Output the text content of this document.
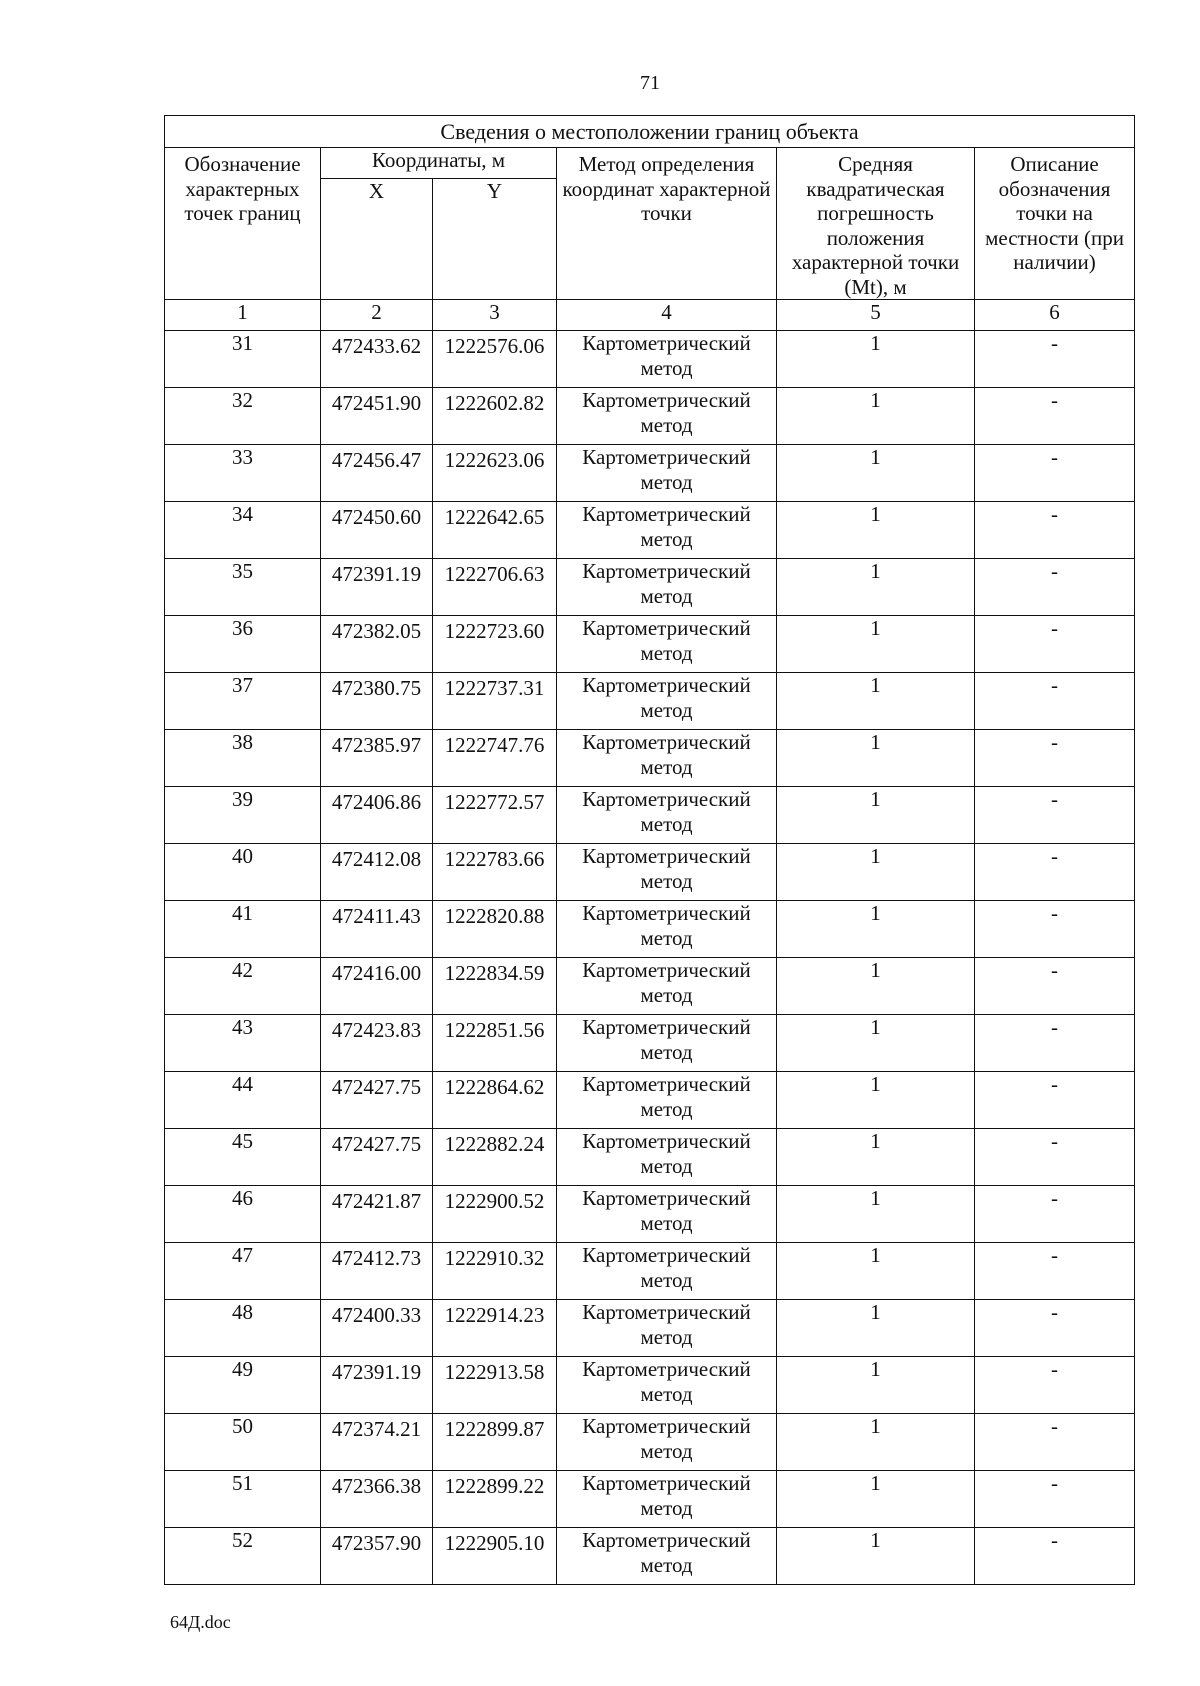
71
Сведения о местоположении границ объекта					
Обозначение характерных точек границ	Координаты, м		Метод определения координат характерной точки	Средняя квадратическая погрешность положения характерной точки (Mt), м	Описание обозначения точки на местности (при наличии)
	X	Y			
1	2	3	4	5	6
31	472433.62	1222576.06	Картометрический метод	1	-
32	472451.90	1222602.82	Картометрический метод	1	-
33	472456.47	1222623.06	Картометрический метод	1	-
34	472450.60	1222642.65	Картометрический метод	1	-
35	472391.19	1222706.63	Картометрический метод	1	-
36	472382.05	1222723.60	Картометрический метод	1	-
37	472380.75	1222737.31	Картометрический метод	1	-
38	472385.97	1222747.76	Картометрический метод	1	-
39	472406.86	1222772.57	Картометрический метод	1	-
40	472412.08	1222783.66	Картометрический метод	1	-
41	472411.43	1222820.88	Картометрический метод	1	-
42	472416.00	1222834.59	Картометрический метод	1	-
43	472423.83	1222851.56	Картометрический метод	1	-
44	472427.75	1222864.62	Картометрический метод	1	-
45	472427.75	1222882.24	Картометрический метод	1	-
46	472421.87	1222900.52	Картометрический метод	1	-
47	472412.73	1222910.32	Картометрический метод	1	-
48	472400.33	1222914.23	Картометрический метод	1	-
49	472391.19	1222913.58	Картометрический метод	1	-
50	472374.21	1222899.87	Картометрический метод	1	-
51	472366.38	1222899.22	Картометрический метод	1	-
52	472357.90	1222905.10	Картометрический метод	1	-
64Д.doc
